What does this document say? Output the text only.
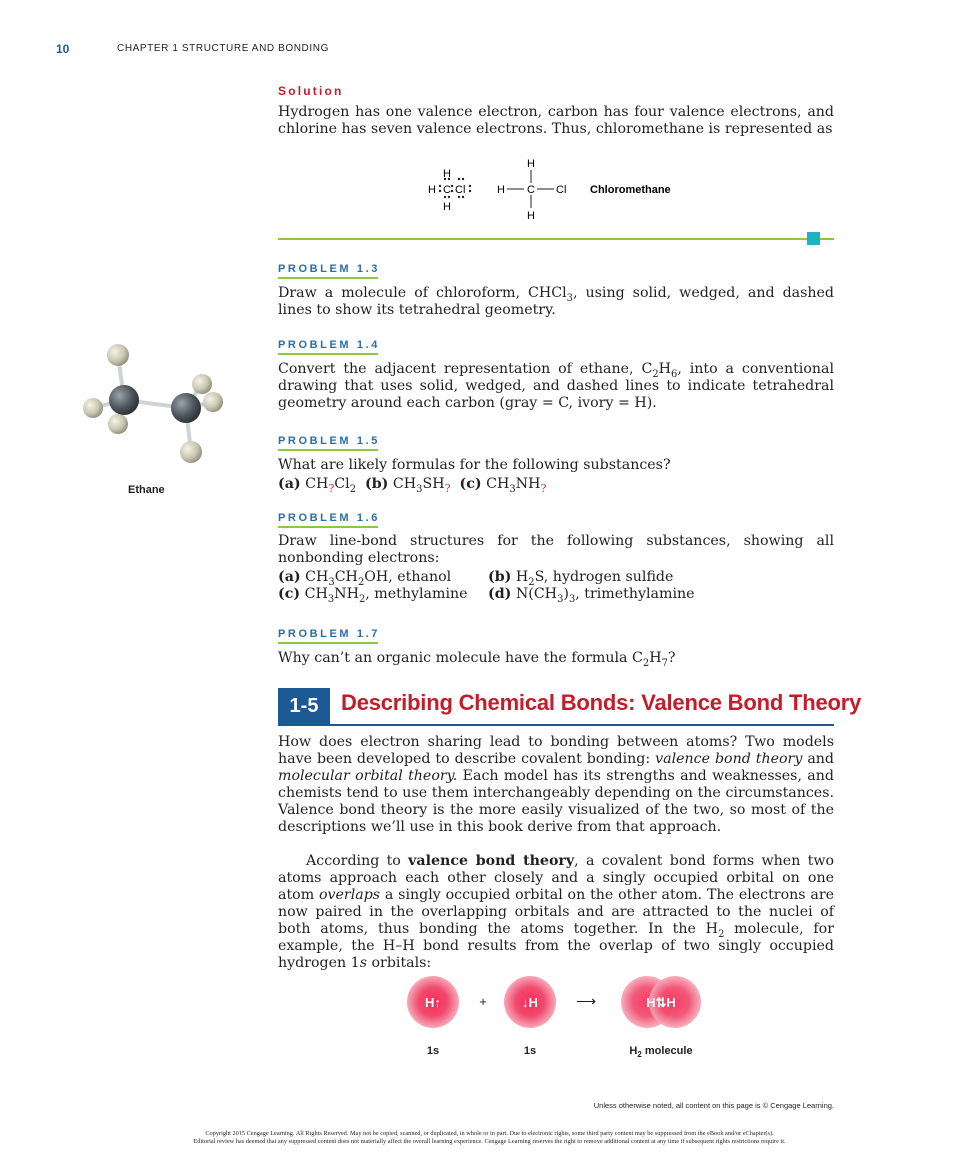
10	CHAPTER 1 STRUCTURE AND BONDING
Solution
Hydrogen has one valence electron, carbon has four valence electrons, and chlorine has seven valence electrons. Thus, chloromethane is represented as
H C Cl
H
H
H
H C Cl
H
Chloromethane
PROBLEM 1.3
Draw a molecule of chloroform, CHCl$_3$, using solid, wedged, and dashed lines to show its tetrahedral geometry.
PROBLEM 1.4
Convert the adjacent representation of ethane, $C_2H_6$, into a conventional drawing that uses solid, wedged, and dashed lines to indicate tetrahedral geometry around each carbon (gray = C, ivory = H).
Ethane
PROBLEM 1.5
What are likely formulas for the following substances?
(a) $CH_?Cl_2$ (b) $CH_3SH_?$ (c) $CH_3NH_?$
PROBLEM 1.6
Draw line-bond structures for the following substances, showing all nonbonding electrons:
(a) $CH_3CH_2OH$, ethanol	(b) $H_2S$, hydrogen sulfide
(c) $CH_3NH_2$, methylamine	(d) $N(CH_3)_3$, trimethylamine
PROBLEM 1.7
Why can’t an organic molecule have the formula $C_2H_7$?
1-5	Describing Chemical Bonds: Valence Bond Theory
How does electron sharing lead to bonding between atoms? Two models have been developed to describe covalent bonding: valence bond theory and molecular orbital theory. Each model has its strengths and weaknesses, and chemists tend to use them interchangeably depending on the circumstances. Valence bond theory is the more easily visualized of the two, so most of the descriptions we’ll use in this book derive from that approach.
According to valence bond theory, a covalent bond forms when two atoms approach each other closely and a singly occupied orbital on one atom overlaps a singly occupied orbital on the other atom. The electrons are now paired in the overlapping orbitals and are attracted to the nuclei of both atoms, thus bonding the atoms together. In the $H_2$ molecule, for example, the H–H bond results from the overlap of two singly occupied hydrogen 1s orbitals:
H↑	+	↓H	⟶	H⇅H
1s	1s	$H_2$ molecule
Unless otherwise noted, all content on this page is © Cengage Learning.
Copyright 2015 Cengage Learning. All Rights Reserved. May not be copied, scanned, or duplicated, in whole or in part. Due to electronic rights, some third party content may be suppressed from the eBook and/or eChapter(s).
Editorial review has deemed that any suppressed content does not materially affect the overall learning experience. Cengage Learning reserves the right to remove additional content at any time if subsequent rights restrictions require it.
